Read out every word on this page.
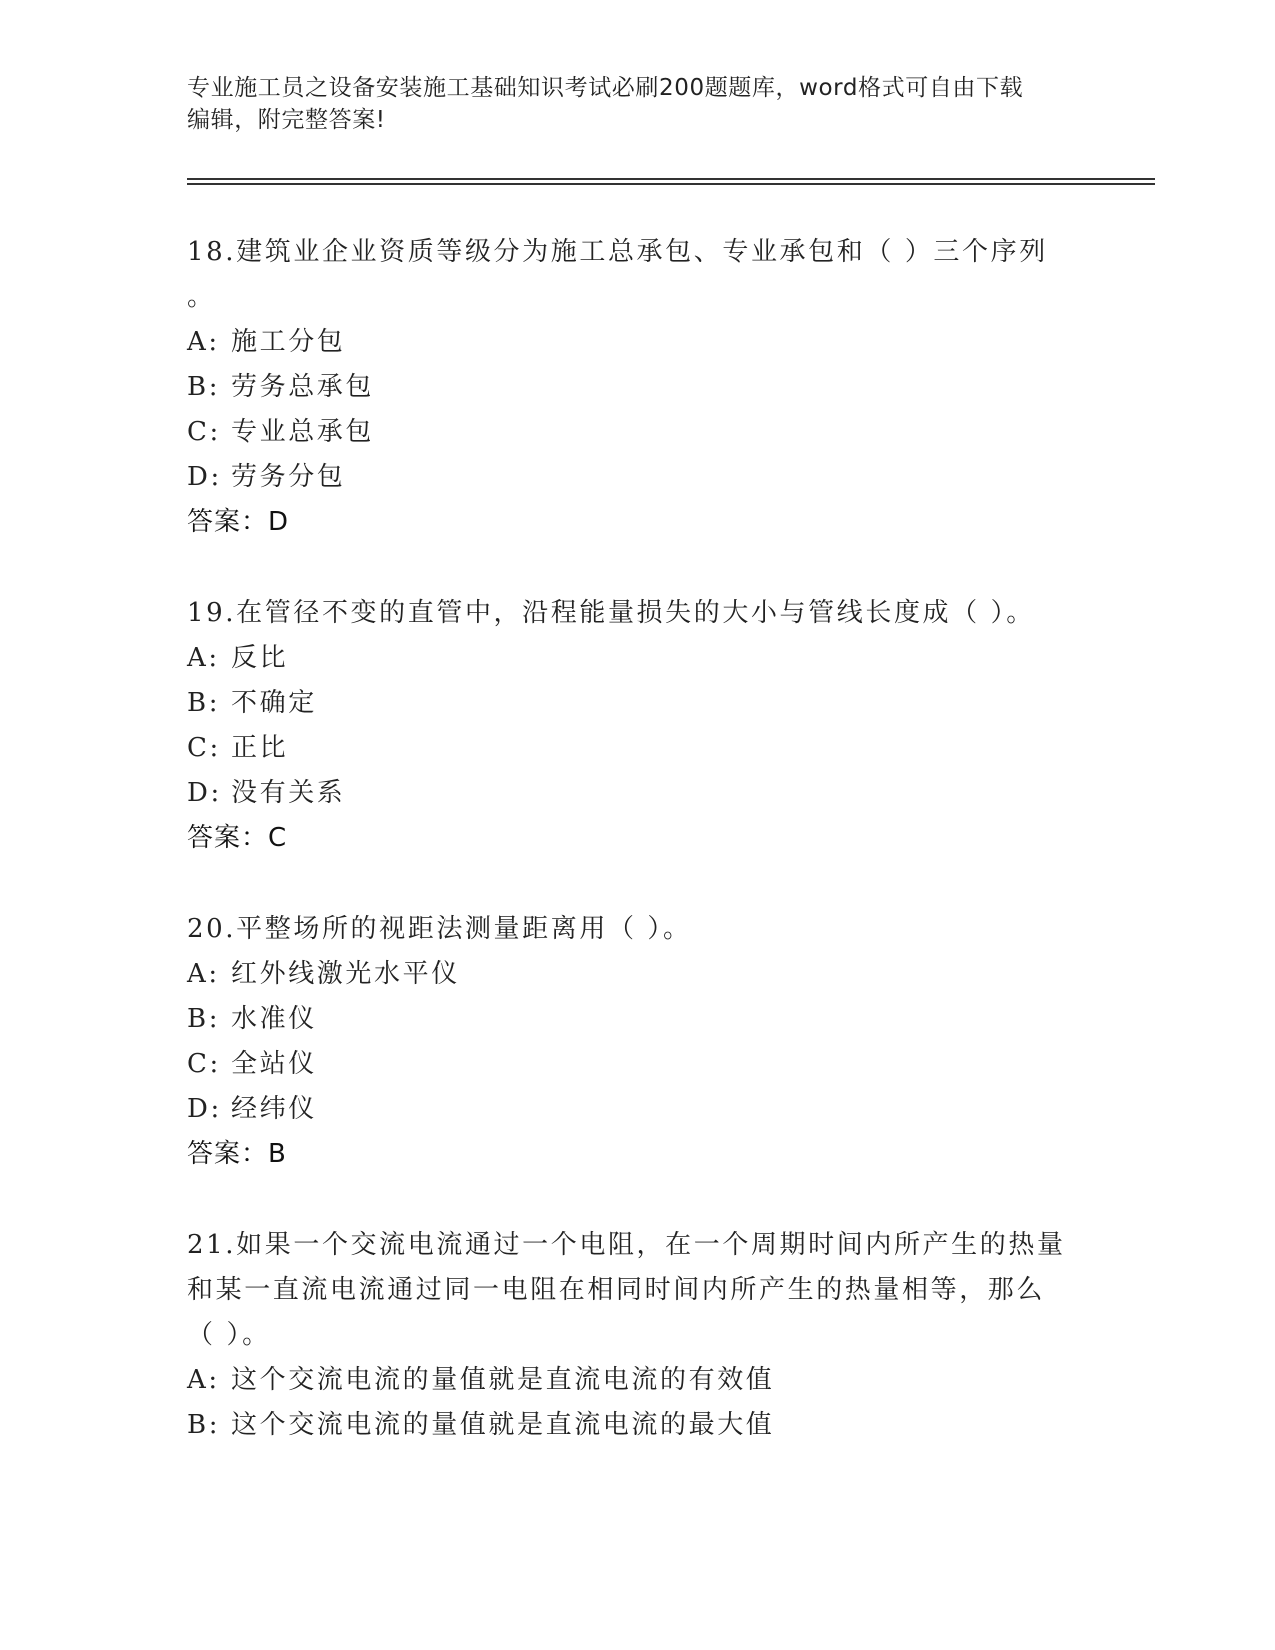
专业施工员之设备安装施工基础知识考试必刷200题题库，word格式可自由下载
编辑，附完整答案!
18.建筑业企业资质等级分为施工总承包、专业承包和（ ）三个序列
。
A: 施工分包
B: 劳务总承包
C: 专业总承包
D: 劳务分包
答案：D
19.在管径不变的直管中，沿程能量损失的大小与管线长度成（ ）。
A: 反比
B: 不确定
C: 正比
D: 没有关系
答案：C
20.平整场所的视距法测量距离用（ ）。
A: 红外线激光水平仪
B: 水准仪
C: 全站仪
D: 经纬仪
答案：B
21.如果一个交流电流通过一个电阻，在一个周期时间内所产生的热量
和某一直流电流通过同一电阻在相同时间内所产生的热量相等，那么
（ ）。
A: 这个交流电流的量值就是直流电流的有效值
B: 这个交流电流的量值就是直流电流的最大值
